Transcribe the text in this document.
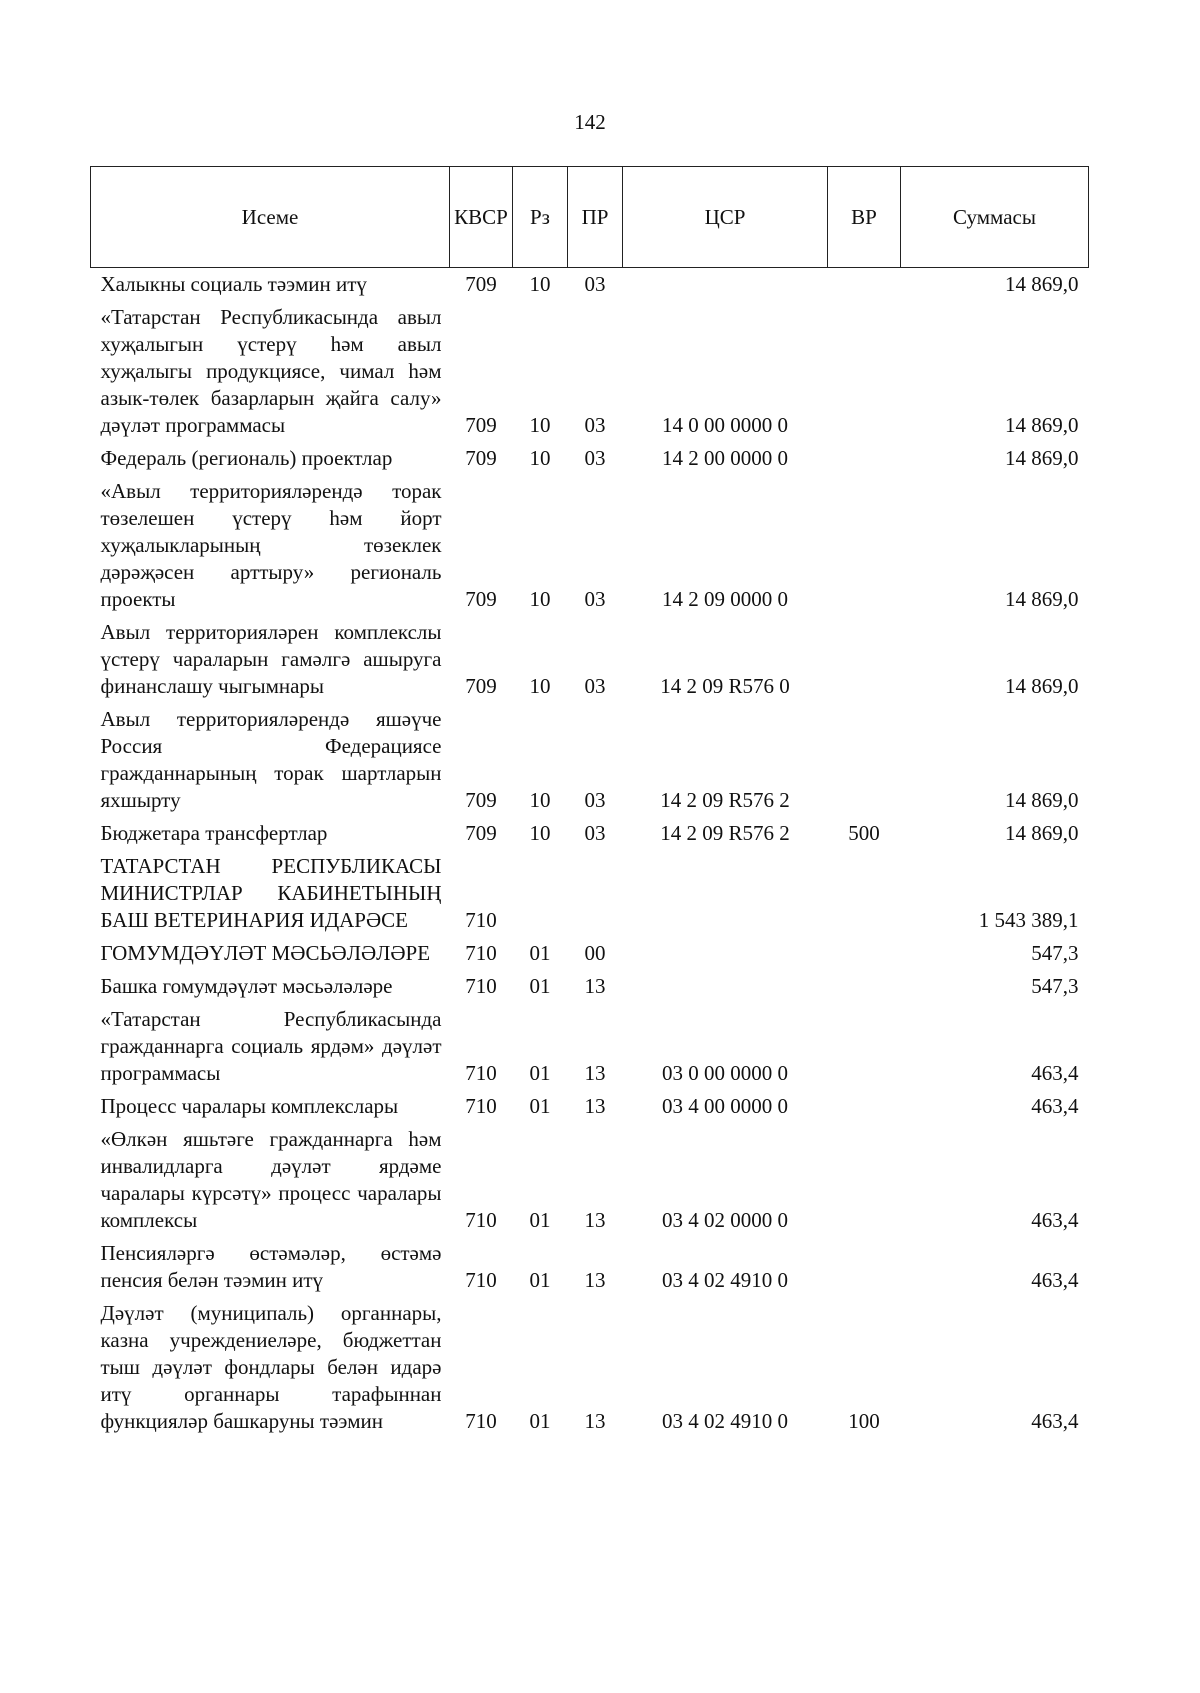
142
Исеме	КВСР	Рз	ПР	ЦСР	ВР	Суммасы
Халыкны социаль тәэмин итү	709	10	03			14 869,0
«Татарстан Республикасында авыл хуҗалыгын үстерү һәм авыл хуҗалыгы продукциясе, чимал һәм азык-төлек базарларын җайга салу» дәүләт программасы	709	10	03	14 0 00 0000 0		14 869,0
Федераль (региональ) проектлар	709	10	03	14 2 00 0000 0		14 869,0
«Авыл территорияләрендә торак төзелешен үстерү һәм йорт хуҗалыкларының төзеклек дәрәҗәсен арттыру» региональ проекты	709	10	03	14 2 09 0000 0		14 869,0
Авыл территорияләрен комплекслы үстерү чараларын гамәлгә ашыруга финанслашу чыгымнары	709	10	03	14 2 09 R576 0		14 869,0
Авыл территорияләрендә яшәүче Россия Федерациясе гражданнарының торак шартларын яхшырту	709	10	03	14 2 09 R576 2		14 869,0
Бюджетара трансфертлар	709	10	03	14 2 09 R576 2	500	14 869,0
ТАТАРСТАН РЕСПУБЛИКАСЫ МИНИСТРЛАР КАБИНЕТЫНЫҢ БАШ ВЕТЕРИНАРИЯ ИДАРӘСЕ	710					1 543 389,1
ГОМУМДӘҮЛӘТ МӘСЬӘЛӘЛӘРЕ	710	01	00			547,3
Башка гомумдәүләт мәсьәләләре	710	01	13			547,3
«Татарстан Республикасында гражданнарга социаль ярдәм» дәүләт программасы	710	01	13	03 0 00 0000 0		463,4
Процесс чаралары комплекслары	710	01	13	03 4 00 0000 0		463,4
«Өлкән яшьтәге гражданнарга һәм инвалидларга дәүләт ярдәме чаралары күрсәтү» процесс чаралары комплексы	710	01	13	03 4 02 0000 0		463,4
Пенсияләргә өстәмәләр, өстәмә пенсия белән тәэмин итү	710	01	13	03 4 02 4910 0		463,4
Дәүләт (муниципаль) органнары, казна учреждениеләре, бюджеттан тыш дәүләт фондлары белән идарә итү органнары тарафыннан функцияләр башкаруны тәэмин	710	01	13	03 4 02 4910 0	100	463,4
